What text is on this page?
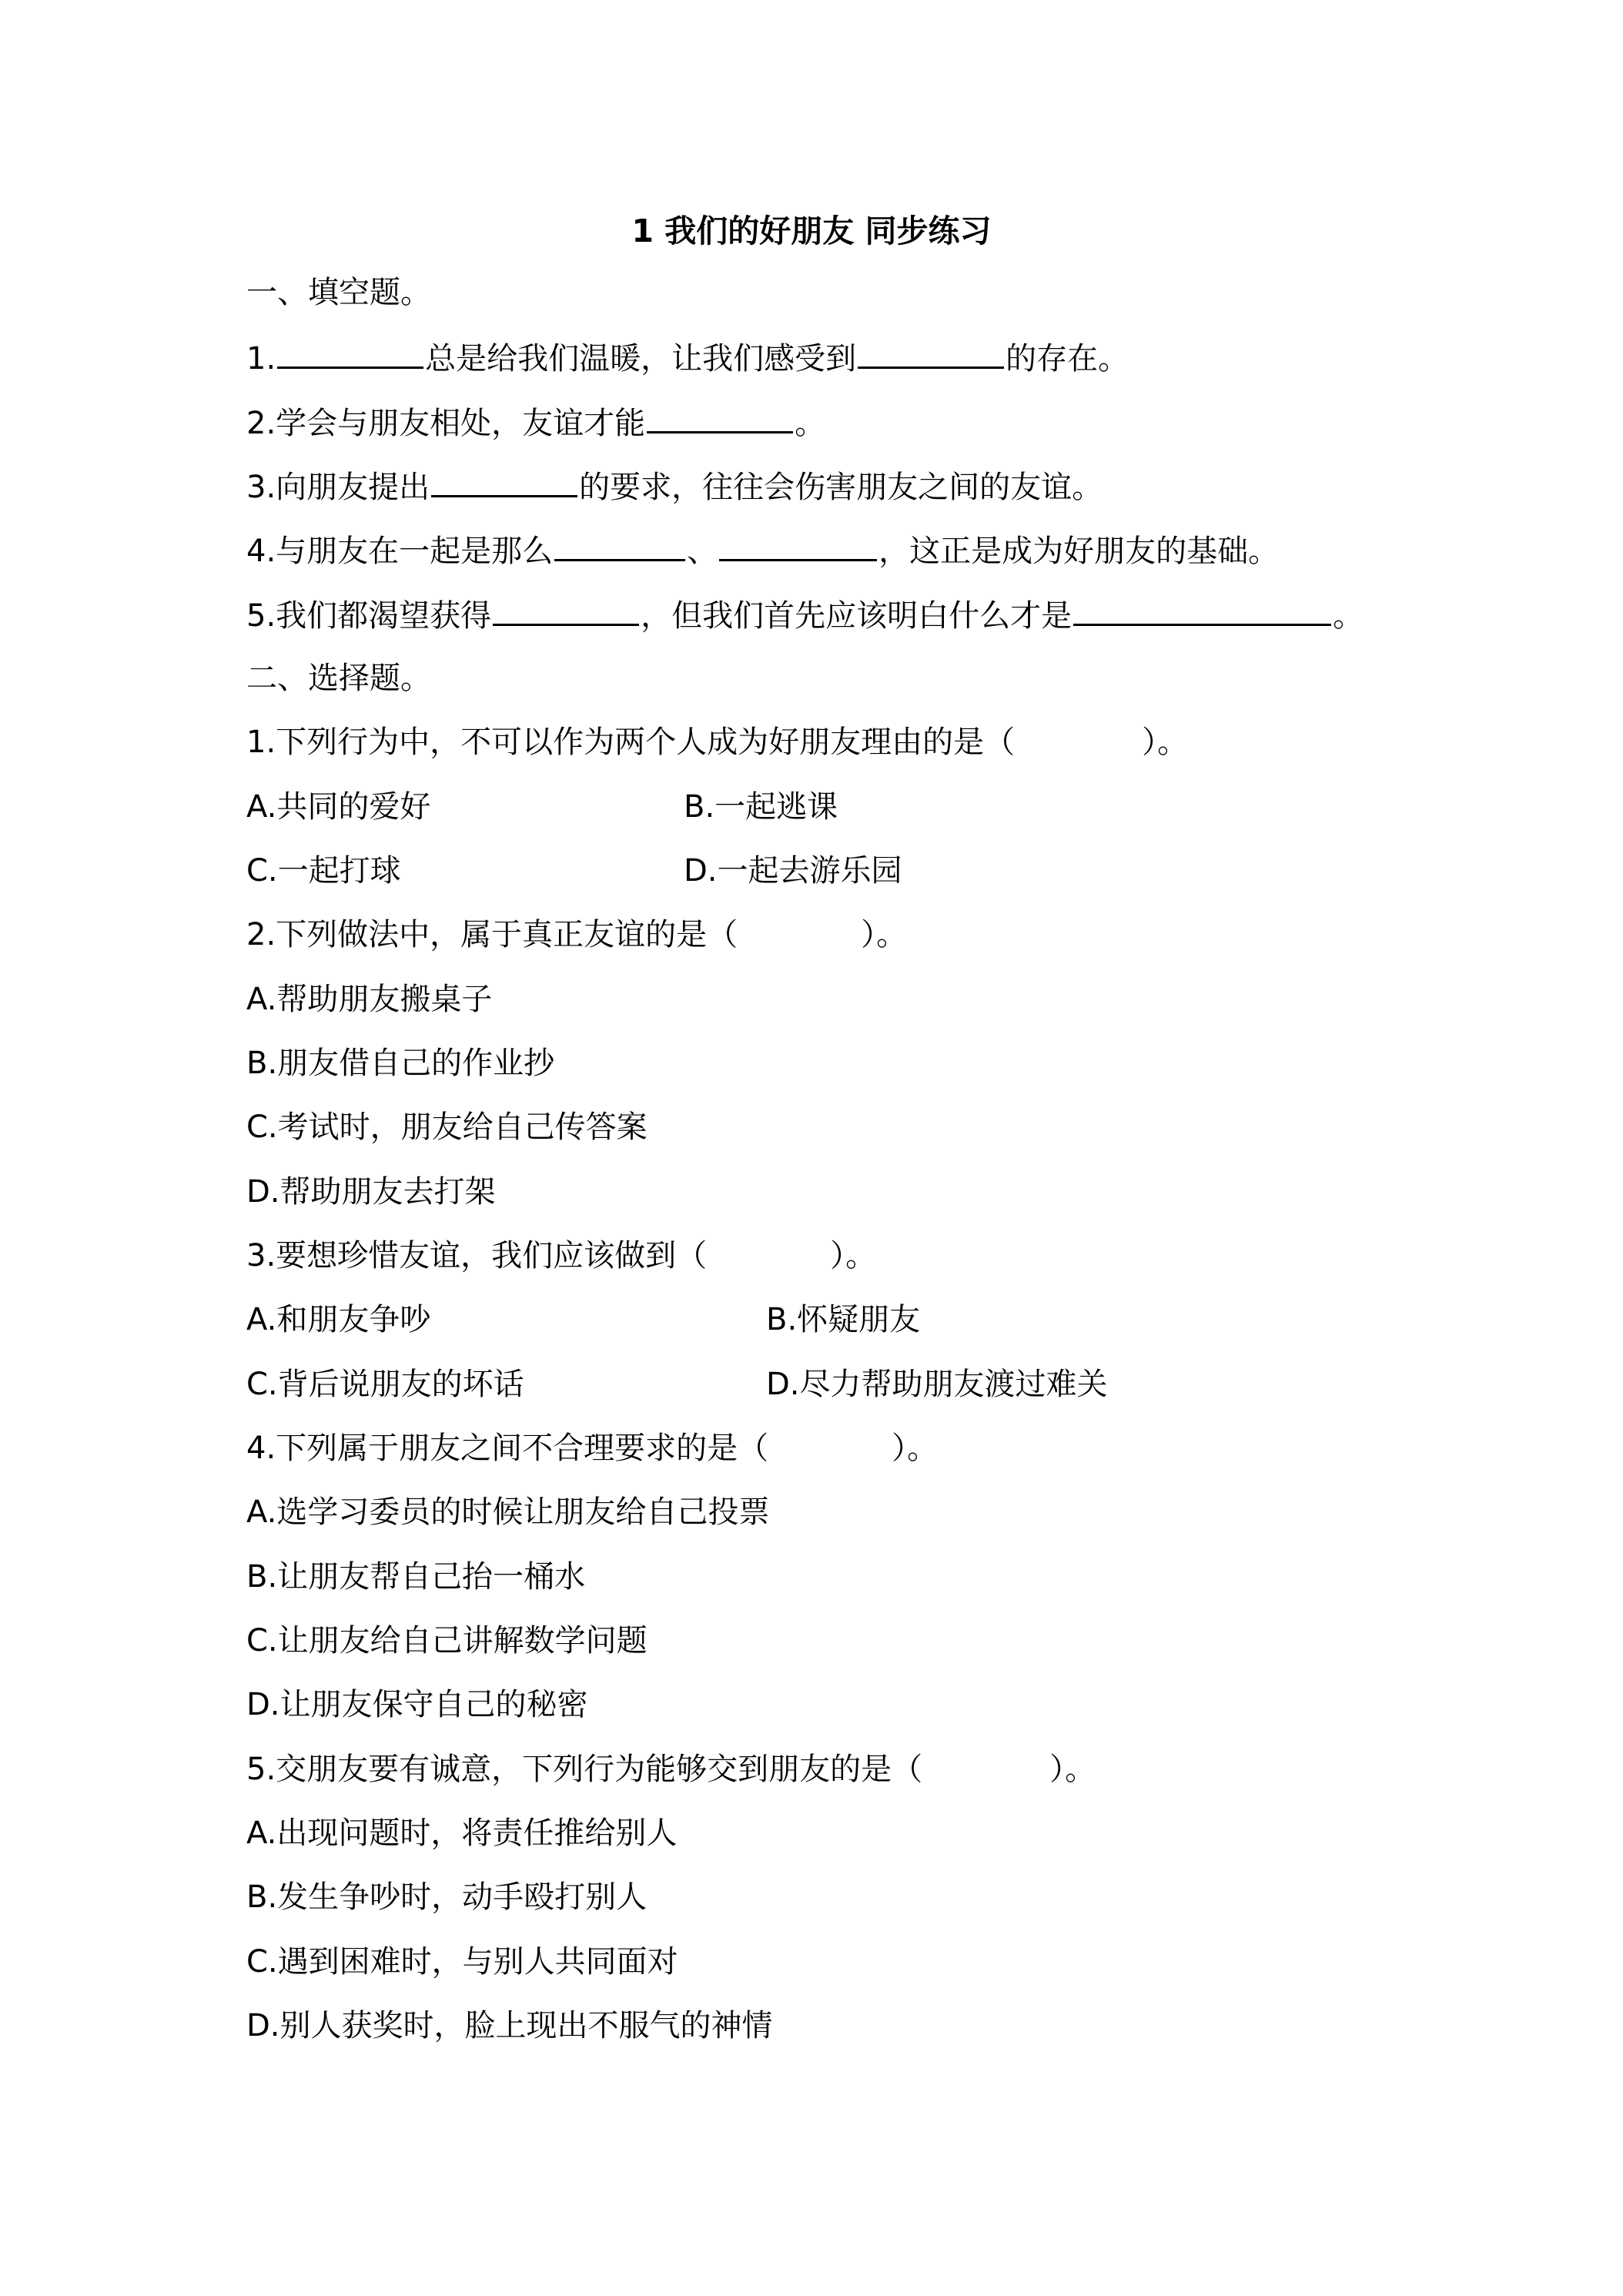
1 我们的好朋友 同步练习
一、填空题。
1.	总是给我们温暖，让我们感受到	的存在。
2.学会与朋友相处，友谊才能	。
3.向朋友提出	的要求，往往会伤害朋友之间的友谊。
4.与朋友在一起是那么	、	，这正是成为好朋友的基础。
5.我们都渴望获得	，但我们首先应该明白什么才是	。
二、选择题。
1.下列行为中，不可以作为两个人成为好朋友理由的是（	）。
A.共同的爱好	B.一起逃课
C.一起打球	D.一起去游乐园
2.下列做法中，属于真正友谊的是（	）。
A.帮助朋友搬桌子
B.朋友借自己的作业抄
C.考试时，朋友给自己传答案
D.帮助朋友去打架
3.要想珍惜友谊，我们应该做到（	）。
A.和朋友争吵	B.怀疑朋友
C.背后说朋友的坏话	D.尽力帮助朋友渡过难关
4.下列属于朋友之间不合理要求的是（	）。
A.选学习委员的时候让朋友给自己投票
B.让朋友帮自己抬一桶水
C.让朋友给自己讲解数学问题
D.让朋友保守自己的秘密
5.交朋友要有诚意，下列行为能够交到朋友的是（	）。
A.出现问题时，将责任推给别人
B.发生争吵时，动手殴打别人
C.遇到困难时，与别人共同面对
D.别人获奖时，脸上现出不服气的神情
